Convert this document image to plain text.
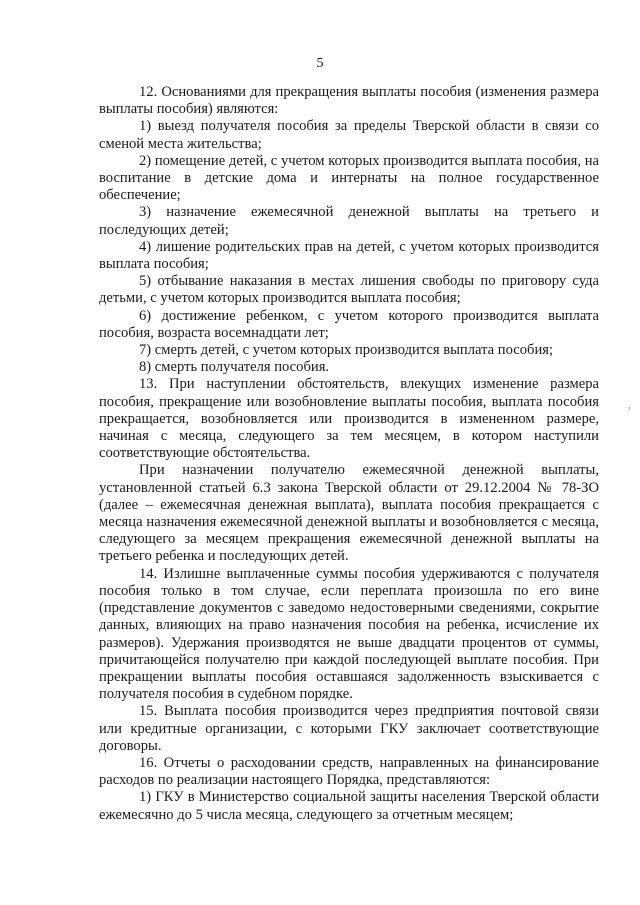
5

12. Основаниями для прекращения выплаты пособия (изменения размера выплаты пособия) являются:

1) выезд получателя пособия за пределы Тверской области в связи со сменой места жительства;

2) помещение детей, с учетом которых производится выплата пособия, на воспитание в детские дома и интернаты на полное государственное обеспечение;

3) назначение ежемесячной денежной выплаты на третьего и последующих детей;

4) лишение родительских прав на детей, с учетом которых производится выплата пособия;

5) отбывание наказания в местах лишения свободы по приговору суда детьми, с учетом которых производится выплата пособия;

6) достижение ребенком, с учетом которого производится выплата пособия, возраста восемнадцати лет;

7) смерть детей, с учетом которых производится выплата пособия;

8) смерть получателя пособия.

13. При наступлении обстоятельств, влекущих изменение размера пособия, прекращение или возобновление выплаты пособия, выплата пособия прекращается, возобновляется или производится в измененном размере, начиная с месяца, следующего за тем месяцем, в котором наступили соответствующие обстоятельства.

При назначении получателю ежемесячной денежной выплаты, установленной статьей 6.3 закона Тверской области от 29.12.2004 № 78-ЗО (далее – ежемесячная денежная выплата), выплата пособия прекращается с месяца назначения ежемесячной денежной выплаты и возобновляется с месяца, следующего за месяцем прекращения ежемесячной денежной выплаты на третьего ребенка и последующих детей.

14. Излишне выплаченные суммы пособия удерживаются с получателя пособия только в том случае, если переплата произошла по его вине (представление документов с заведомо недостоверными сведениями, сокрытие данных, влияющих на право назначения пособия на ребенка, исчисление их размеров). Удержания производятся не выше двадцати процентов от суммы, причитающейся получателю при каждой последующей выплате пособия. При прекращении выплаты пособия оставшаяся задолженность взыскивается с получателя пособия в судебном порядке.

15. Выплата пособия производится через предприятия почтовой связи или кредитные организации, с которыми ГКУ заключает соответствующие договоры.

16. Отчеты о расходовании средств, направленных на финансирование расходов по реализации настоящего Порядка, представляются:

1) ГКУ в Министерство социальной защиты населения Тверской области ежемесячно до 5 числа месяца, следующего за отчетным месяцем;

,
